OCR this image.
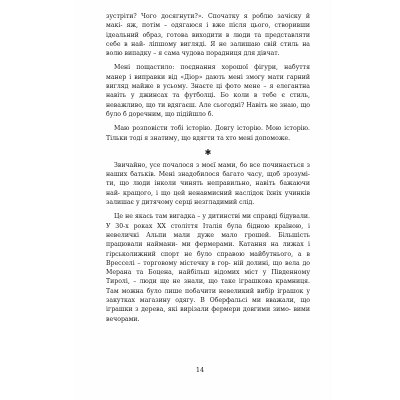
зустріти? Чого досягнути?». Спочатку я роблю зачіску й макі- яж, потім – одягаюся і вже після цього, створивши ідеальний образ, готова виходити в люди та представляти себе в най- ліпшому вигляді. Я не залишаю свій стиль на волю випадку – я сама чудова порадниця для дівчат.

Мені пощастило: поєднання хорошої фігури, набуття манер і виправки від «Діор» дають мені змогу мати гарний вигляд майже в усьому. Знаєте ці фото мене – я елегантна навіть у джинсах та футболці. Бо коли в тебе є стиль, неважливо, що ти вдягаєш. Але сьогодні? Навіть не знаю, що було б доречним, що підійшло б.

Маю розповісти тобі історію. Довгу історію. Мою історію. Тільки тоді я знатиму, що вдягти та хто мені допоможе.

✱

Звичайно, усе почалося з моєї мами, бо все починається з наших батьків. Мені знадобилося багато часу, щоб зрозумі- ти, що люди інколи чинять неправильно, навіть бажаючи най- кращого, і що цей ненавмисний наслідок їхніх учинків залишає у дитячому серці незгладимий слід.

Це не якась там вигадка – у дитинстві ми справді бідували. У 30-х роках XX століття Італія була бідною країною, і невеличкі Альпи мали дуже мало грошей. Більшість працювали наймани- ми фермерами. Катання на лижах і гірськолижний спорт не було справою майбутнього, а в Вресселі – торговому містечку в гор- ній долині, що вела до Мерана та Боцена, найбільш відомих міст у Південному Тиролі, – люди ще не знали, що таке іграшкова крамниця. Там можна було лише побачити невеликий вибір іграшок у закутках магазину одягу. В Оберфальсі ми вважали, що іграшки з дерева, які вирізали фермери довгими зимо- вими вечорами.

14
